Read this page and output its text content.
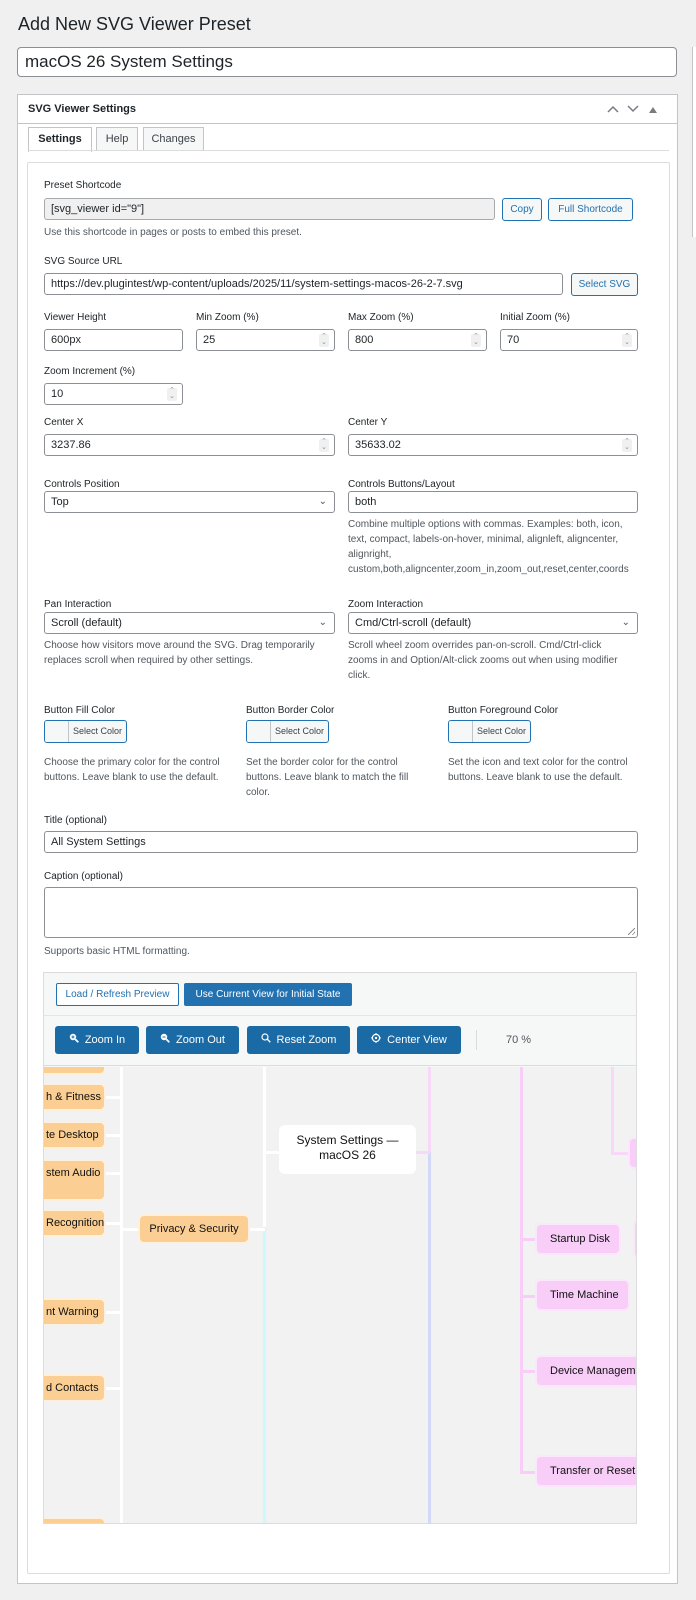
Add New SVG Viewer Preset
macOS 26 System Settings
SVG Viewer Settings
Settings	Help	Changes
Preset Shortcode
[svg_viewer id="9"]	Copy	Full Shortcode
Use this shortcode in pages or posts to embed this preset.
SVG Source URL
https://dev.plugintest/wp-content/uploads/2025/11/system-settings-macos-26-2-7.svg	Select SVG
Viewer Height
600px
Min Zoom (%)
25	⌃
⌄
Max Zoom (%)
800	⌃
⌄
Initial Zoom (%)
70	⌃
⌄
Zoom Increment (%)
10	⌃
⌄
Center X
3237.86	⌃
⌄
Center Y
35633.02	⌃
⌄
Controls Position
Top	⌄
Controls Buttons/Layout
both
Combine multiple options with commas. Examples: both, icon,
text, compact, labels-on-hover, minimal, alignleft, aligncenter,
alignright,
custom,both,aligncenter,zoom_in,zoom_out,reset,center,coords
Pan Interaction
Scroll (default)	⌄
Choose how visitors move around the SVG. Drag temporarily
replaces scroll when required by other settings.
Zoom Interaction
Cmd/Ctrl-scroll (default)	⌄
Scroll wheel zoom overrides pan-on-scroll. Cmd/Ctrl-click
zooms in and Option/Alt-click zooms out when using modifier
click.
Button Fill Color
Select Color
Choose the primary color for the control
buttons. Leave blank to use the default.
Button Border Color
Select Color
Set the border color for the control
buttons. Leave blank to match the fill
color.
Button Foreground Color
Select Color
Set the icon and text color for the control
buttons. Leave blank to use the default.
Title (optional)
All System Settings
Caption (optional)
Supports basic HTML formatting.
Load / Refresh Preview	Use Current View for Initial State
Zoom In	Zoom Out	Reset Zoom	Center View	70 %
h & Fitness
te Desktop
stem Audio
Recognition
nt Warning
d Contacts
Privacy & Security
System Settings —
macOS 26
Startup Disk
Time Machine
Device Managem
Transfer or Reset
